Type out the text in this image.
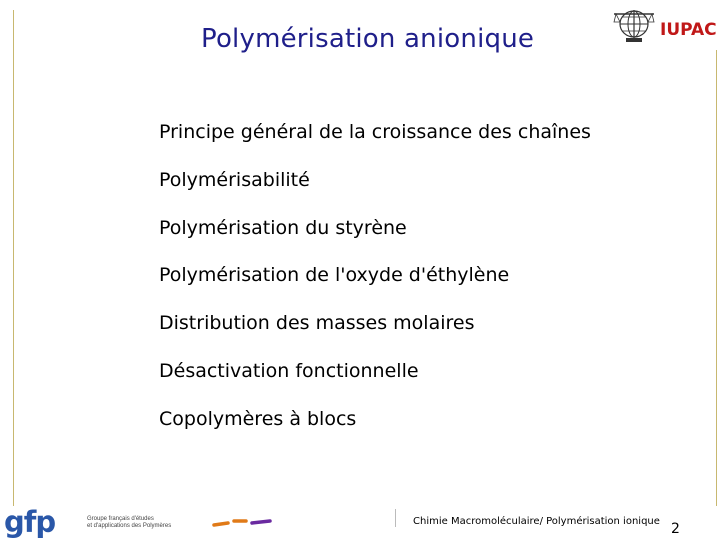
Polymérisation anionique	IUPAC
Principe général de la croissance des chaînes
Polymérisabilité
Polymérisation du styrène
Polymérisation de l'oxyde d'éthylène
Distribution des masses molaires
Désactivation fonctionnelle
Copolymères à blocs
gfp	Groupe français d'études
et d'applications des Polymères	Chimie Macromoléculaire/ Polymérisation ionique 2
